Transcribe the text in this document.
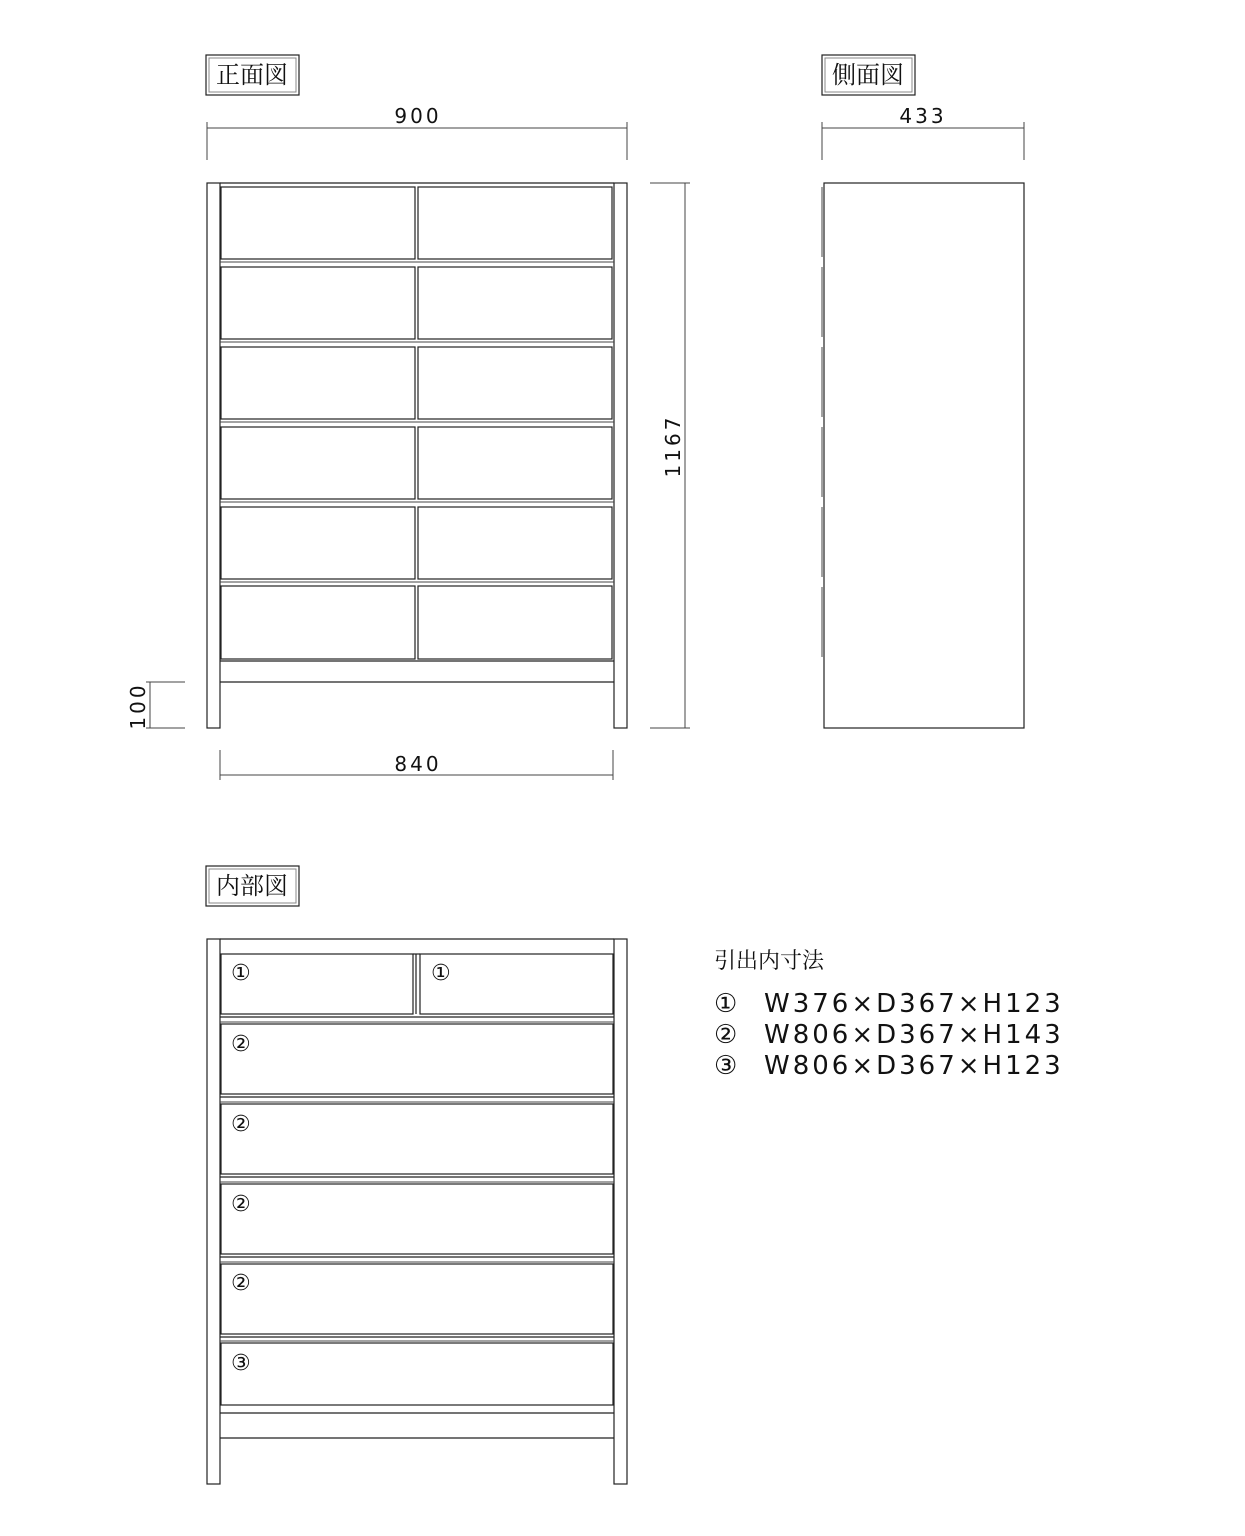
正面図
900
1167
100
840
側面図
433
内部図
①	①
②
②
②
②
③
引出内寸法
① W376×D367×H123
② W806×D367×H143
③ W806×D367×H123
